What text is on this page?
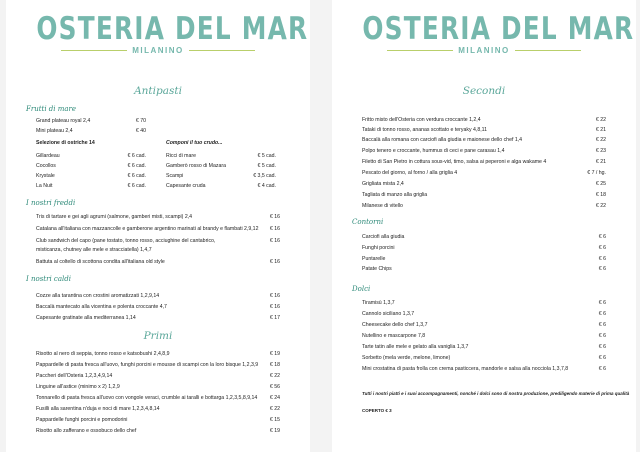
OSTERIA DEL MAR
MILANINO
Antipasti
Frutti di mare
Grand plateau royal 2,4	€ 70
Mini plateau 2,4	€ 40
Selezione di ostriche 14
Gillardeau	€ 6 cad.
Cocollos	€ 6 cad.
Krystale	€ 6 cad.
La Nuit	€ 6 cad.
Componi il tuo crudo...
Ricci di mare	€ 5 cad.
Gamberò rosso di Mazara	€ 5 cad.
Scampi	€ 3,5 cad.
Capesante cruda	€ 4 cad.
I nostri freddi
Tris di tartare e gei agli agrumi (salmone, gamberi misti, scampi) 2,4	€ 16
Catalana all'italiana con mazzancolle e gamberone argentino marinati al brandy e flambati 2,9,12 € 16
Club sandwich del capo (pane tostato, tonno rosso, acciughine del cantabrico,	€ 16
misticanza, chutney alle mele e stracciatella) 1,4,7
Battuta al coltello di scottona condita all'italiana old style	€ 16
I nostri caldi
Cozze alla tarantina con crostini aromatizzati 1,2,9,14	€ 16
Baccalà mantecato alla vicentina e polenta croccante 4,7	€ 16
Capesante gratinate alla mediterranea 1,14	€ 17
Primi
Risotto al nero di seppia, tonno rosso e katsobushi 2,4,8,9	€ 19
Pappardelle di pasta fresca all'uovo, funghi porcini e mousse di scampi con la loro bisque 1,2,3,9 € 18
Paccheri dell'Osteria 1,2,3,4,9,14	€ 22
Linguine all'astice (minimo x 2) 1,2,9	€ 56
Tonnarello di pasta fresca all'uovo con vongole veraci, crumble ai taralli e bottarga 1,2,3,5,8,9,14 € 24
Fusilli alla sarentina n'duja e noci di mare 1,2,3,4,8,14	€ 22
Pappardelle funghi porcini e pomodorini	€ 15
Risotto allo zafferano e ossobuco dello chef	€ 19
OSTERIA DEL MAR
MILANINO
Secondi
Fritto misto dell'Osteria con verdura croccante 1,2,4	€ 22
Tataki di tonno rosso, ananas scottato e teryaky 4,8,11	€ 21
Baccalà alla romana con carciofi alla giudia e maionese dello chef 1,4	€ 22
Polpo tenero e croccante, hummus di ceci e pane carasau 1,4	€ 23
Filetto di San Pietro in cottura sous-vid, timo, salsa ai peperoni e alga wakame 4	€ 21
Pescato del giorno, al forno / alla griglia 4	€ 7 / hg.
Grigliata mista 2,4	€ 25
Tagliata di manzo alla griglia	€ 18
Milanese di vitello	€ 22
Contorni
Carciofi alla giudia	€ 6
Funghi porcini	€ 6
Puntarelle	€ 6
Patate Chips	€ 6
Dolci
Tiramisù 1,3,7	€ 6
Cannolo siciliano 1,3,7	€ 6
Cheesecake dello chef 1,3,7	€ 6
Nutellino e mascarpone 7,8	€ 6
Tarte tatin alle mele e gelato alla vaniglia 1,3,7	€ 6
Sorbetto (mela verde, melone, limone)	€ 6
Mini crostatina di pasta frolla con crema pasticcera, mandorle e salsa alla nocciola 1,3,7,8	€ 6
Tutti i nostri piatti e i suoi accompagnamenti, nonché i dolci sono di nostra produzione, prediligendo materie di prima qualità
COPERTO € 3
